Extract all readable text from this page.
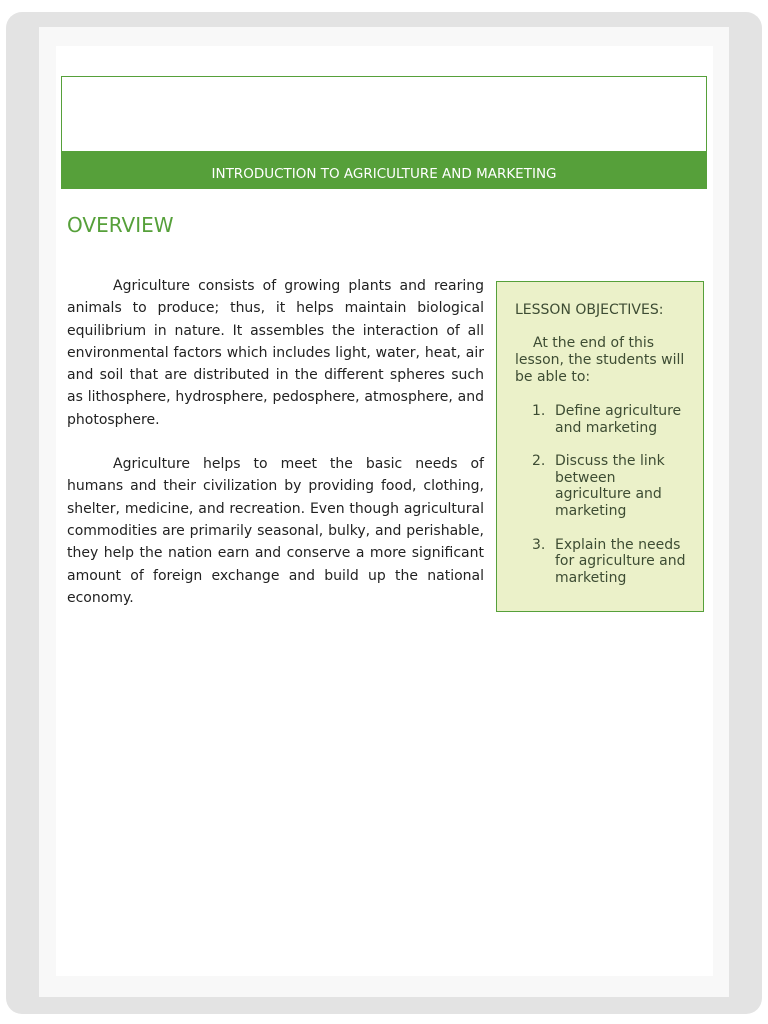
INTRODUCTION TO AGRICULTURE AND MARKETING
OVERVIEW

Agriculture consists of growing plants and rearing animals to produce; thus, it helps maintain biological equilibrium in nature. It assembles the interaction of all environmental factors which includes light, water, heat, air and soil that are distributed in the different spheres such as lithosphere, hydrosphere, pedosphere, atmosphere, and photosphere.

Agriculture helps to meet the basic needs of humans and their civilization by providing food, clothing, shelter, medicine, and recreation. Even though agricultural commodities are primarily seasonal, bulky, and perishable, they help the nation earn and conserve a more significant amount of foreign exchange and build up the national economy.

LESSON OBJECTIVES:

At the end of this lesson, the students will be able to:

1. Define agriculture and marketing
2. Discuss the link between agriculture and marketing
3. Explain the needs for agriculture and marketing
